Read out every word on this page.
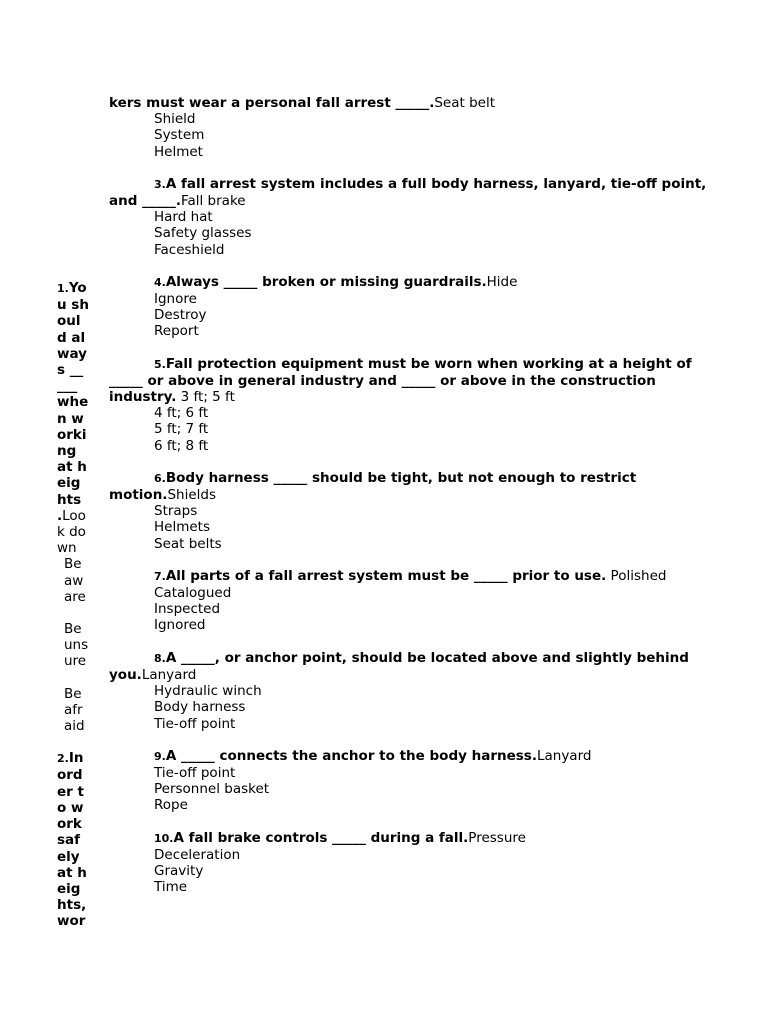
1.You should always _____ when working at heights .Look down
Be aware
Be unsure
Be afraid
2.In order to work safely at heights, wor
kers must wear a personal fall arrest _____.Seat belt
Shield
System
Helmet
3.A fall arrest system includes a full body harness, lanyard, tie-off point, and _____.Fall brake
Hard hat
Safety glasses
Faceshield
4.Always _____ broken or missing guardrails.Hide
Ignore
Destroy
Report
5.Fall protection equipment must be worn when working at a height of _____ or above in general industry and _____ or above in the construction industry. 3 ft; 5 ft
4 ft; 6 ft
5 ft; 7 ft
6 ft; 8 ft
6.Body harness _____ should be tight, but not enough to restrict motion.Shields
Straps
Helmets
Seat belts
7.All parts of a fall arrest system must be _____ prior to use. Polished
Catalogued
Inspected
Ignored
8.A _____, or anchor point, should be located above and slightly behind you.Lanyard
Hydraulic winch
Body harness
Tie-off point
9.A _____ connects the anchor to the body harness.Lanyard
Tie-off point
Personnel basket
Rope
10.A fall brake controls _____ during a fall.Pressure
Deceleration
Gravity
Time
